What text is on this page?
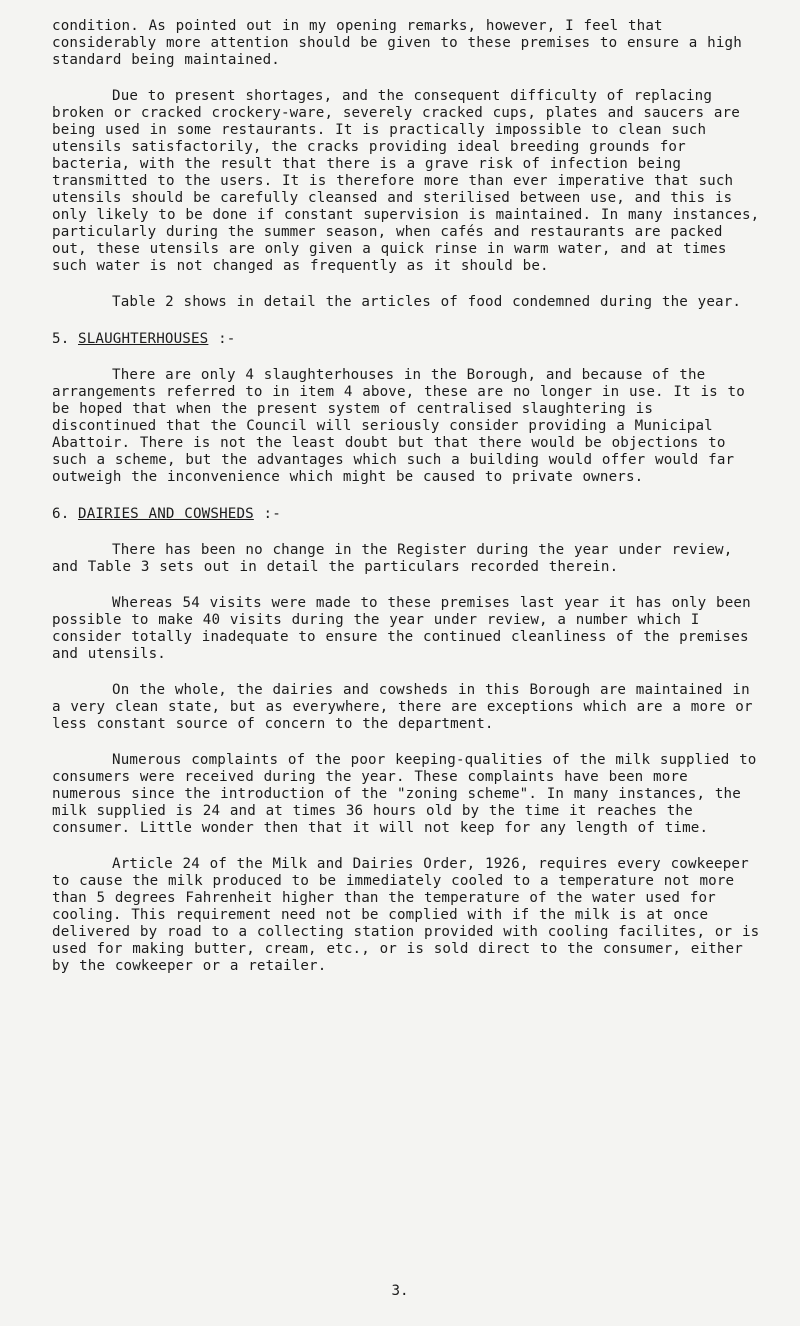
condition. As pointed out in my opening remarks, however, I feel that considerably more attention should be given to these premises to ensure a high standard being maintained.

Due to present shortages, and the consequent difficulty of replacing broken or cracked crockery-ware, severely cracked cups, plates and saucers are being used in some restaurants. It is practically impossible to clean such utensils satisfactorily, the cracks providing ideal breeding grounds for bacteria, with the result that there is a grave risk of infection being transmitted to the users. It is therefore more than ever imperative that such utensils should be carefully cleansed and sterilised between use, and this is only likely to be done if constant supervision is maintained. In many instances, particularly during the summer season, when cafés and restaurants are packed out, these utensils are only given a quick rinse in warm water, and at times such water is not changed as frequently as it should be.

Table 2 shows in detail the articles of food condemned during the year.

5. SLAUGHTERHOUSES :-

There are only 4 slaughterhouses in the Borough, and because of the arrangements referred to in item 4 above, these are no longer in use. It is to be hoped that when the present system of centralised slaughtering is discontinued that the Council will seriously consider providing a Municipal Abattoir. There is not the least doubt but that there would be objections to such a scheme, but the advantages which such a building would offer would far outweigh the inconvenience which might be caused to private owners.

6. DAIRIES AND COWSHEDS :-

There has been no change in the Register during the year under review, and Table 3 sets out in detail the particulars recorded therein.

Whereas 54 visits were made to these premises last year it has only been possible to make 40 visits during the year under review, a number which I consider totally inadequate to ensure the continued cleanliness of the premises and utensils.

On the whole, the dairies and cowsheds in this Borough are maintained in a very clean state, but as everywhere, there are exceptions which are a more or less constant source of concern to the department.

Numerous complaints of the poor keeping-qualities of the milk supplied to consumers were received during the year. These complaints have been more numerous since the introduction of the "zoning scheme". In many instances, the milk supplied is 24 and at times 36 hours old by the time it reaches the consumer. Little wonder then that it will not keep for any length of time.

Article 24 of the Milk and Dairies Order, 1926, requires every cowkeeper to cause the milk produced to be immediately cooled to a temperature not more than 5 degrees Fahrenheit higher than the temperature of the water used for cooling. This requirement need not be complied with if the milk is at once delivered by road to a collecting station provided with cooling facilites, or is used for making butter, cream, etc., or is sold direct to the consumer, either by the cowkeeper or a retailer.

3.
